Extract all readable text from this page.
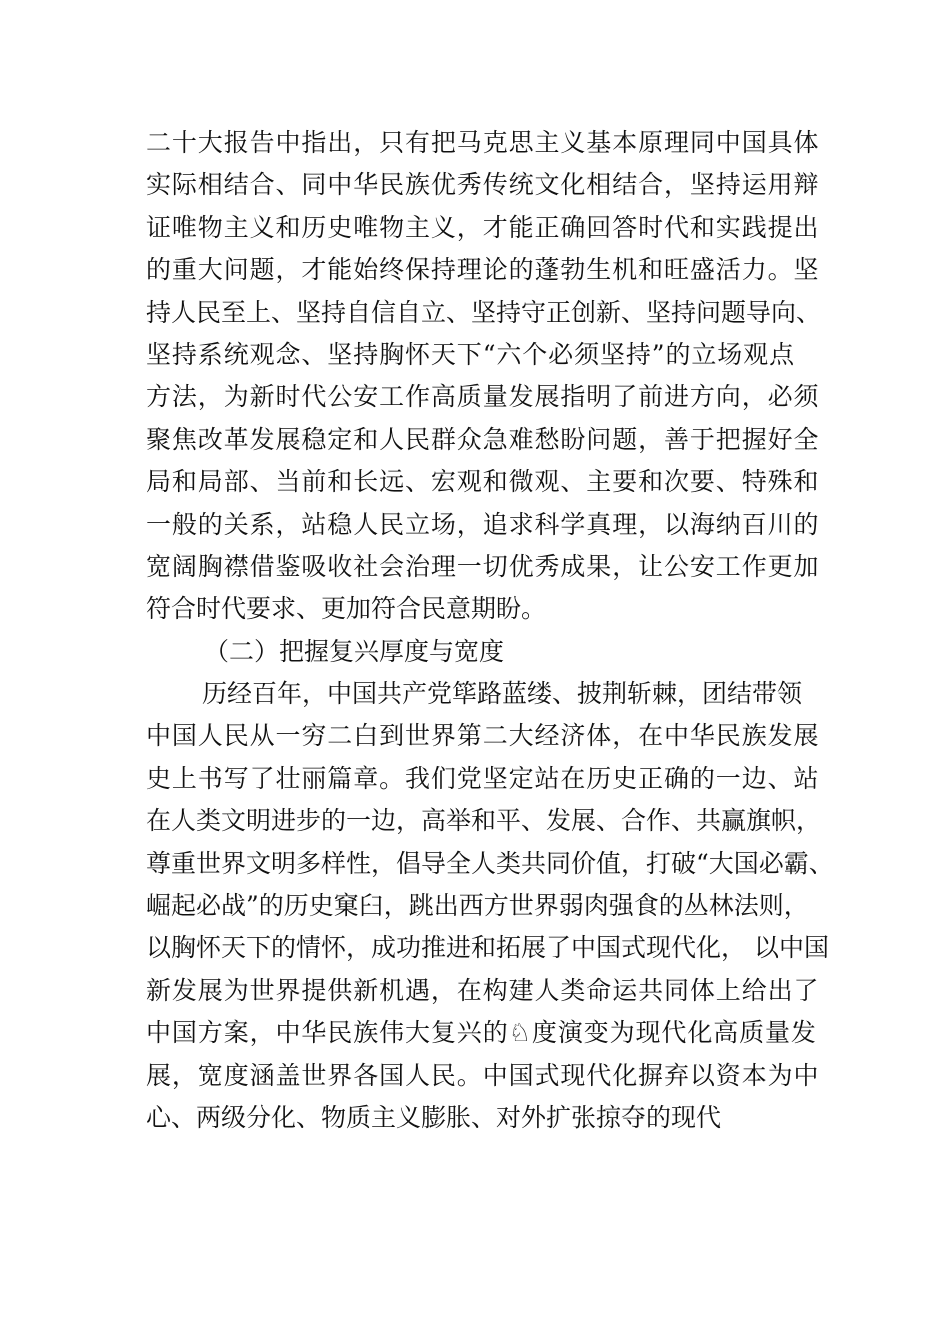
二十大报告中指出，只有把马克思主义基本原理同中国具体
实际相结合、同中华民族优秀传统文化相结合，坚持运用辩
证唯物主义和历史唯物主义，才能正确回答时代和实践提出
的重大问题，才能始终保持理论的蓬勃生机和旺盛活力。坚
持人民至上、坚持自信自立、坚持守正创新、坚持问题导向、
坚持系统观念、坚持胸怀天下“六个必须坚持”的立场观点
方法，为新时代公安工作高质量发展指明了前进方向，必须
聚焦改革发展稳定和人民群众急难愁盼问题，善于把握好全
局和局部、当前和长远、宏观和微观、主要和次要、特殊和
一般的关系，站稳人民立场，追求科学真理，以海纳百川的
宽阔胸襟借鉴吸收社会治理一切优秀成果，让公安工作更加
符合时代要求、更加符合民意期盼。
（二）把握复兴厚度与宽度
历经百年，中国共产党筚路蓝缕、披荆斩棘，团结带领
中国人民从一穷二白到世界第二大经济体，在中华民族发展
史上书写了壮丽篇章。我们党坚定站在历史正确的一边、站
在人类文明进步的一边，高举和平、发展、合作、共赢旗帜，
尊重世界文明多样性，倡导全人类共同价值，打破“大国必霸、
崛起必战”的历史窠臼，跳出西方世界弱肉强食的丛林法则，
以胸怀天下的情怀，成功推进和拓展了中国式现代化， 以中国
新发展为世界提供新机遇，在构建人类命运共同体上给出了
中国方案，中华民族伟大复兴的♘度演变为现代化高质量发
展，宽度涵盖世界各国人民。中国式现代化摒弃以资本为中
心、两级分化、物质主义膨胀、对外扩张掠夺的现代
